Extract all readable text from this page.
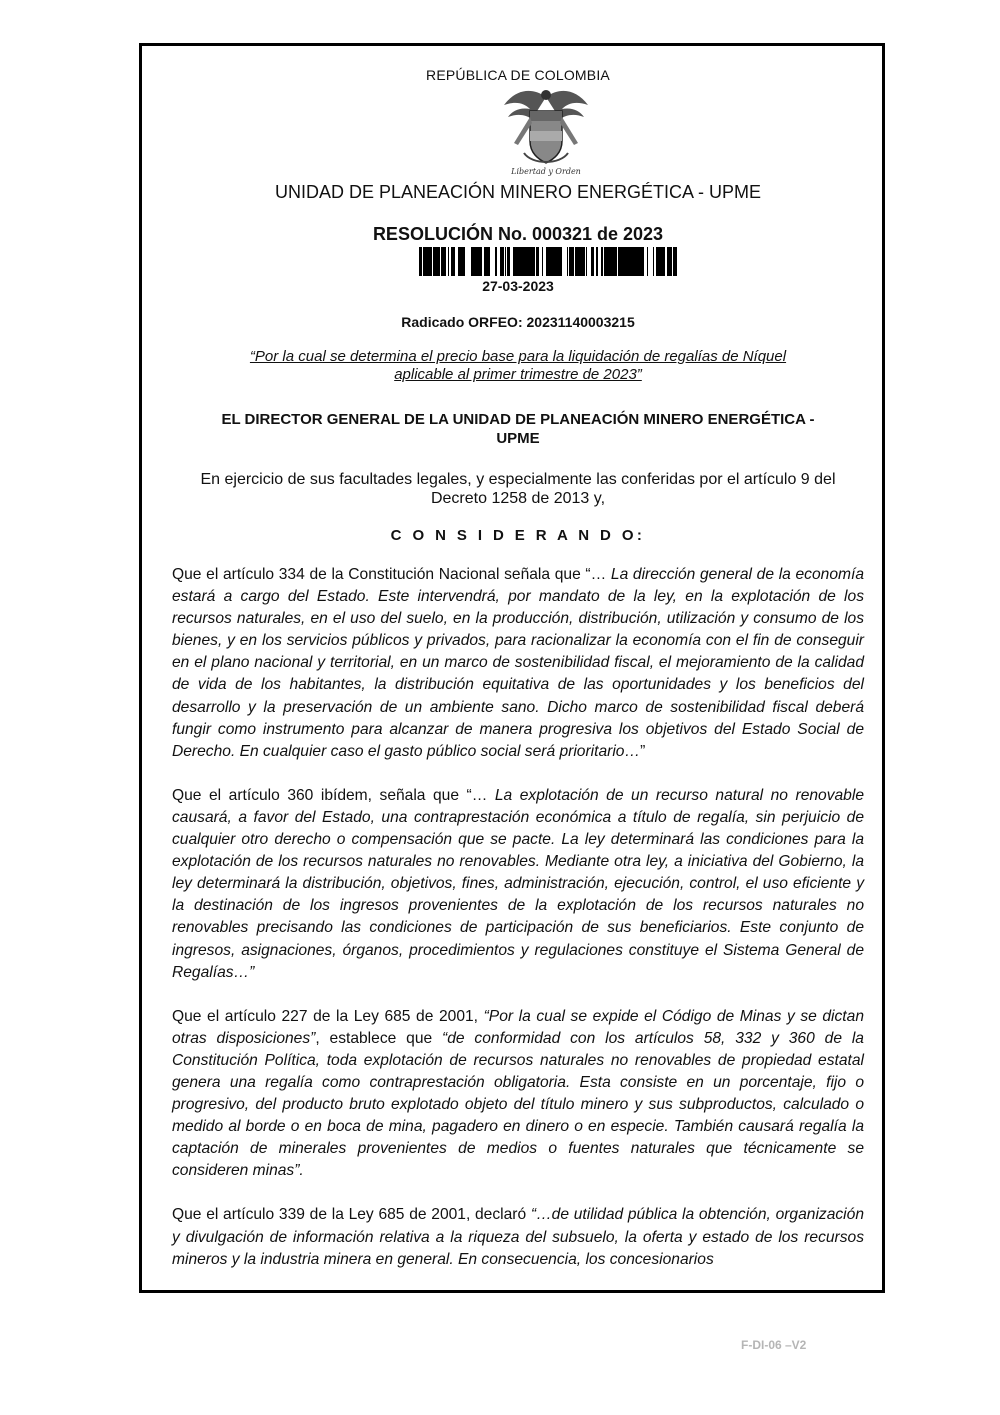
REPÚBLICA DE COLOMBIA
Libertad y Orden
UNIDAD DE PLANEACIÓN MINERO ENERGÉTICA - UPME
RESOLUCIÓN No. 000321 de 2023
27-03-2023
Radicado ORFEO: 20231140003215
“Por la cual se determina el precio base para la liquidación de regalías de Níquel
aplicable al primer trimestre de 2023”
EL DIRECTOR GENERAL DE LA UNIDAD DE PLANEACIÓN MINERO ENERGÉTICA -
UPME
En ejercicio de sus facultades legales, y especialmente las conferidas por el artículo 9 del
Decreto 1258 de 2013 y,
C O N S I D E R A N D O:

Que el artículo 334 de la Constitución Nacional señala que “… La dirección general de la economía estará a cargo del Estado. Este intervendrá, por mandato de la ley, en la explotación de los recursos naturales, en el uso del suelo, en la producción, distribución, utilización y consumo de los bienes, y en los servicios públicos y privados, para racionalizar la economía con el fin de conseguir en el plano nacional y territorial, en un marco de sostenibilidad fiscal, el mejoramiento de la calidad de vida de los habitantes, la distribución equitativa de las oportunidades y los beneficios del desarrollo y la preservación de un ambiente sano. Dicho marco de sostenibilidad fiscal deberá fungir como instrumento para alcanzar de manera progresiva los objetivos del Estado Social de Derecho. En cualquier caso el gasto público social será prioritario…”

Que el artículo 360 ibídem, señala que “… La explotación de un recurso natural no renovable causará, a favor del Estado, una contraprestación económica a título de regalía, sin perjuicio de cualquier otro derecho o compensación que se pacte. La ley determinará las condiciones para la explotación de los recursos naturales no renovables. Mediante otra ley, a iniciativa del Gobierno, la ley determinará la distribución, objetivos, fines, administración, ejecución, control, el uso eficiente y la destinación de los ingresos provenientes de la explotación de los recursos naturales no renovables precisando las condiciones de participación de sus beneficiarios. Este conjunto de ingresos, asignaciones, órganos, procedimientos y regulaciones constituye el Sistema General de Regalías…”

Que el artículo 227 de la Ley 685 de 2001, “Por la cual se expide el Código de Minas y se dictan otras disposiciones”, establece que “de conformidad con los artículos 58, 332 y 360 de la Constitución Política, toda explotación de recursos naturales no renovables de propiedad estatal genera una regalía como contraprestación obligatoria. Esta consiste en un porcentaje, fijo o progresivo, del producto bruto explotado objeto del título minero y sus subproductos, calculado o medido al borde o en boca de mina, pagadero en dinero o en especie. También causará regalía la captación de minerales provenientes de medios o fuentes naturales que técnicamente se consideren minas”.

Que el artículo 339 de la Ley 685 de 2001, declaró “…de utilidad pública la obtención, organización y divulgación de información relativa a la riqueza del subsuelo, la oferta y estado de los recursos mineros y la industria minera en general. En consecuencia, los concesionarios

F-DI-06 –V2
